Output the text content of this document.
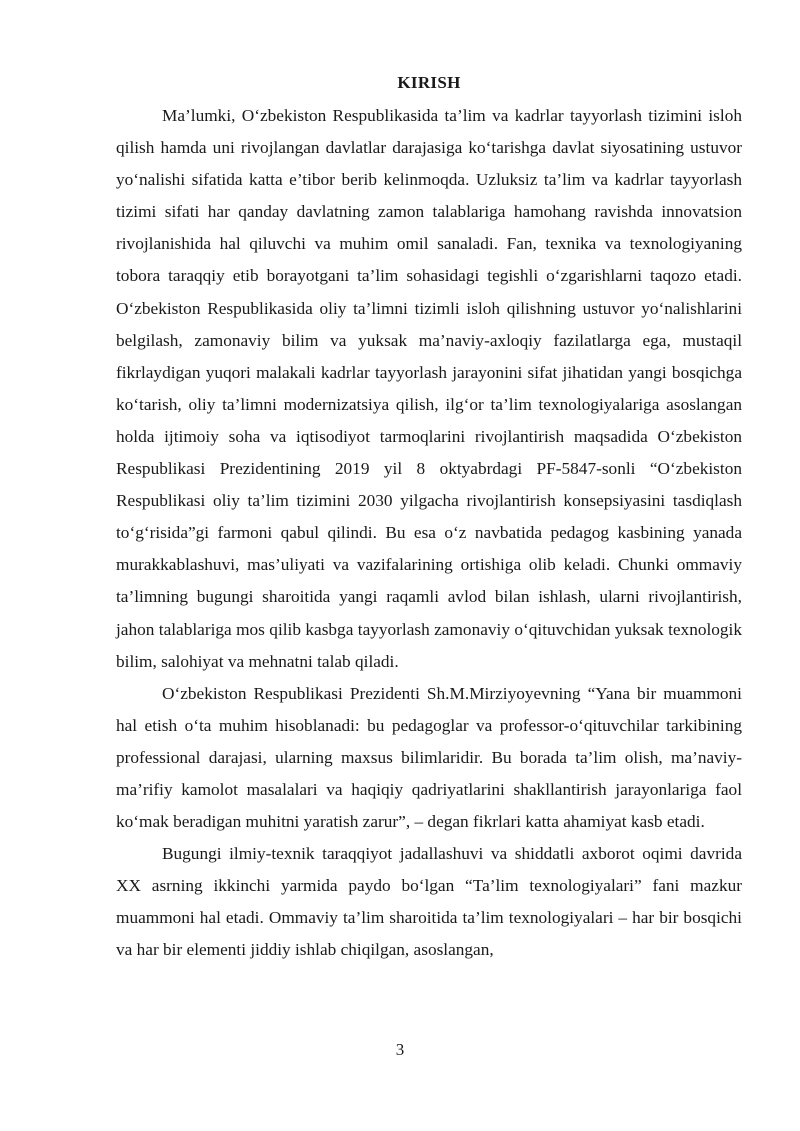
KIRISH

Ma’lumki, O‘zbekiston Respublikasida ta’lim va kadrlar tayyorlash tizimini isloh qilish hamda uni rivojlangan davlatlar darajasiga ko‘tarishga davlat siyosatining ustuvor yo‘nalishi sifatida katta e’tibor berib kelinmoqda. Uzluksiz ta’lim va kadrlar tayyorlash tizimi sifati har qanday davlatning zamon talablariga hamohang ravishda innovatsion rivojlanishida hal qiluvchi va muhim omil sanaladi. Fan, texnika va texnologiyaning tobora taraqqiy etib borayotgani ta’lim sohasidagi tegishli o‘zgarishlarni taqozo etadi. O‘zbekiston Respublikasida oliy ta’limni tizimli isloh qilishning ustuvor yo‘nalishlarini belgilash, zamonaviy bilim va yuksak ma’naviy-axloqiy fazilatlarga ega, mustaqil fikrlaydigan yuqori malakali kadrlar tayyorlash jarayonini sifat jihatidan yangi bosqichga ko‘tarish, oliy ta’limni modernizatsiya qilish, ilg‘or ta’lim texnologiyalariga asoslangan holda ijtimoiy soha va iqtisodiyot tarmoqlarini rivojlantirish maqsadida O‘zbekiston Respublikasi Prezidentining 2019 yil 8 oktyabrdagi PF-5847-sonli “O‘zbekiston Respublikasi oliy ta’lim tizimini 2030 yilgacha rivojlantirish konsepsiyasini tasdiqlash to‘g‘risida”gi farmoni qabul qilindi. Bu esa o‘z navbatida pedagog kasbining yanada murakkablashuvi, mas’uliyati va vazifalarining ortishiga olib keladi. Chunki ommaviy ta’limning bugungi sharoitida yangi raqamli avlod bilan ishlash, ularni rivojlantirish, jahon talablariga mos qilib kasbga tayyorlash zamonaviy o‘qituvchidan yuksak texnologik bilim, salohiyat va mehnatni talab qiladi.

O‘zbekiston Respublikasi Prezidenti Sh.M.Mirziyoyevning “Yana bir muammoni hal etish o‘ta muhim hisoblanadi: bu pedagoglar va professor-o‘qituvchilar tarkibining professional darajasi, ularning maxsus bilimlaridir. Bu borada ta’lim olish, ma’naviy-ma’rifiy kamolot masalalari va haqiqiy qadriyatlarini shakllantirish jarayonlariga faol ko‘mak beradigan muhitni yaratish zarur”, – degan fikrlari katta ahamiyat kasb etadi.

Bugungi ilmiy-texnik taraqqiyot jadallashuvi va shiddatli axborot oqimi davrida XX asrning ikkinchi yarmida paydo bo‘lgan “Ta’lim texnologiyalari” fani mazkur muammoni hal etadi. Ommaviy ta’lim sharoitida ta’lim texnologiyalari – har bir bosqichi va har bir elementi jiddiy ishlab chiqilgan, asoslangan,

3
